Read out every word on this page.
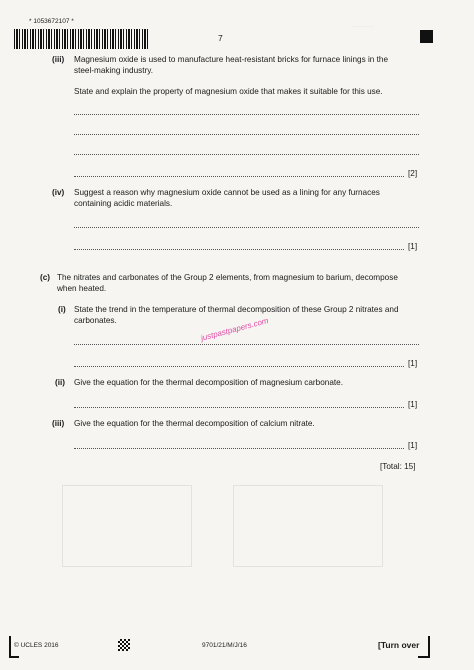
········
* 1053672107 *
7
(iii) Magnesium oxide is used to manufacture heat-resistant bricks for furnace linings in the
steel-making industry.
State and explain the property of magnesium oxide that makes it suitable for this use.
[2]
(iv) Suggest a reason why magnesium oxide cannot be used as a lining for any furnaces
containing acidic materials.
[1]
(c) The nitrates and carbonates of the Group 2 elements, from magnesium to barium, decompose
when heated.
(i) State the trend in the temperature of thermal decomposition of these Group 2 nitrates and
carbonates.	justpastpapers.com
[1]
(ii) Give the equation for the thermal decomposition of magnesium carbonate.
[1]
(iii) Give the equation for the thermal decomposition of calcium nitrate.
[1]
[Total: 15]
© UCLES 2016	9701/21/M/J/16	[Turn over
